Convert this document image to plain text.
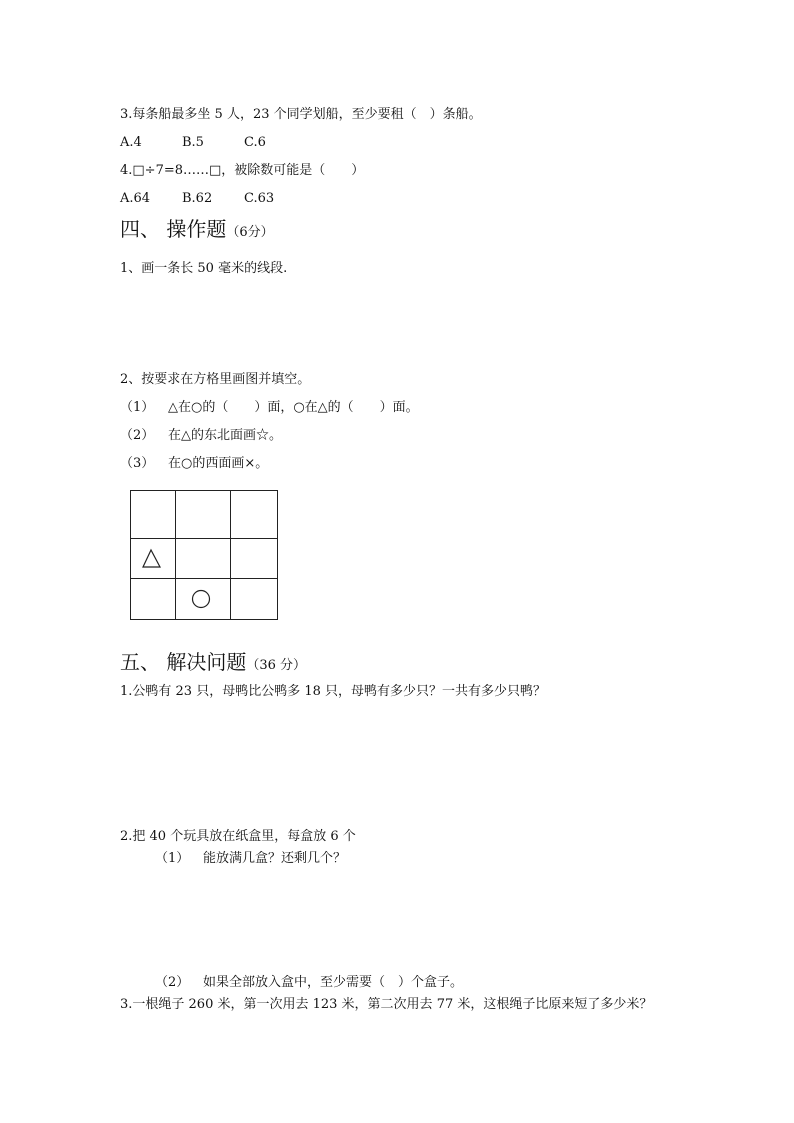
3.每条船最多坐 5 人，23 个同学划船，至少要租（　）条船。
A.4	B.5	C.6
4.□÷7=8……□，被除数可能是（　　）
A.64 B.62 C.63
四、 操作题（6分）
1、画一条长 50 毫米的线段.
2、按要求在方格里画图并填空。
（1） △在○的（　　）面，○在△的（　　）面。
（2） 在△的东北面画☆。
（3） 在○的西面画×。
五、 解决问题（36 分）
1.公鸭有 23 只，母鸭比公鸭多 18 只，母鸭有多少只？一共有多少只鸭？
2.把 40 个玩具放在纸盒里，每盒放 6 个
（1） 能放满几盒？还剩几个？
（2） 如果全部放入盒中，至少需要（　）个盒子。
3.一根绳子 260 米，第一次用去 123 米，第二次用去 77 米，这根绳子比原来短了多少米？
